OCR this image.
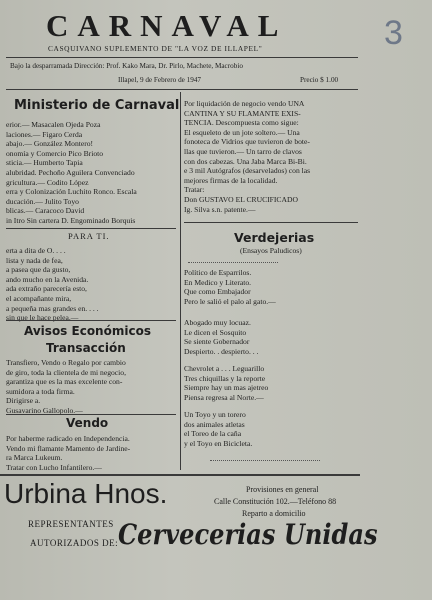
CARNAVAL	3
CASQUIVANO SUPLEMENTO DE "LA VOZ DE ILLAPEL"
Bajo la desparramada Dirección: Prof. Kako Mara, Dr. Pirlo, Machete, Macrobio
Illapel, 9 de Febrero de 1947	Precio $ 1.00
Ministerio de Carnaval
erior.— Masacalen Ojeda Poza
laciones.— Figaro Cerda
abajo.— González Montero!
onomía y Comercio Pico Brioto
sticia.— Humberto Tapia
alubridad. Pechoño Aguilera Convenciado
gricultura.— Codito López
erra y Colonización Luchito Ronco. Escala
ducación.— Julito Toyo
blicas.— Caracoco David
in Itro Sin cartera D. Engominado Borquis
PARA TI.
erta a dita de O. . . .
lista y nada de fea,
a pasea que da gusto,
ando mucho en la Avenida.
ada extraño parecería esto,
el acompañante mira,
a pequeña mas grandes en. . . .
sin que le hace pelea.—
Avisos Económicos
Transacción
Transfiero, Vendo o Regalo por cambio
de giro, toda la clientela de mi negocio,
garantiza que es la mas excelente con-
sumidora a toda firma.
Dirigirse a.
Gusavarino Gallopolo.—
Vendo
Por haberme radicado en Independencia.
Vendo mi flamante Mamento de Jardine-
ra Marca Lukeum.
Tratar con Lucho Infantilero.—
Por liquidación de negocio vendo UNA
CANTINA Y SU FLAMANTE EXIS-
TENCIA. Descompuesta como sigue:
El esqueleto de un jote soltero.— Una
fonoteca de Vidrios que tuvieron de bote-
llas que tuvieron.— Un tarro de clavos
con dos cabezas. Una Jaba Marca Bi-Bi.
e 3 mil Autógrafos (desarvelados) con las
mejores firmas de la localidad.
Tratar:
Don GUSTAVO EL CRUCIFICADO
Ig. Silva s.n. patente.—
Verdejerias
(Ensayos Paludicos)
Político de Esparrilos.
En Medico y Literato.
Que como Embajador
Pero le salió el palo al gato.—
Abogado muy locuaz.
Le dicen el Sosquito
Se siente Gobernador
Despierto. . despierto. . .
Chevrolet a . . . Leguarillo
Tres chiquillas y la reporte
Siempre hay un mas ajetreo
Piensa regresa al Norte.—
Un Toyo y un torero
dos animales atletas
el Toreo de la caña
y el Toyo en Bicicleta.
Urbina Hnos.	Provisiones en general
Calle Constitución 102.—Teléfono 88
Reparto a domicilio
REPRESENTANTES
AUTORIZADOS DE: Cervecerias Unidas
